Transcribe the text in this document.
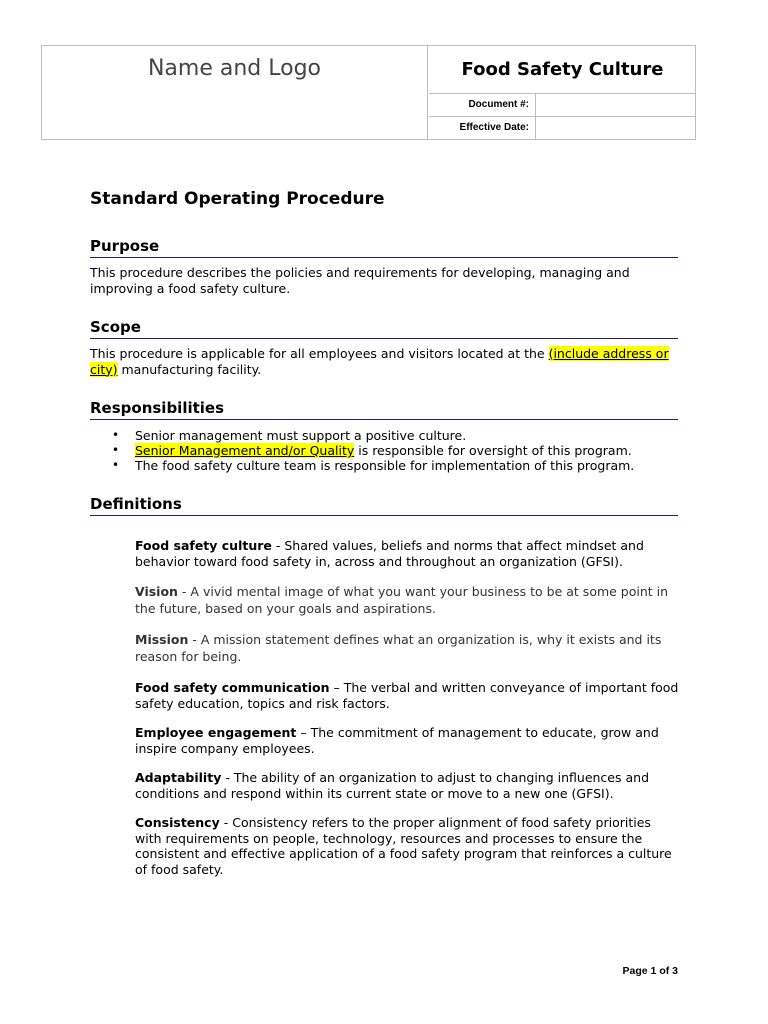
Name and Logo	Food Safety Culture
Document #:
Effective Date:
Standard Operating Procedure
Purpose

This procedure describes the policies and requirements for developing, managing and improving a food safety culture.

Scope

This procedure is applicable for all employees and visitors located at the (include address or city) manufacturing facility.

Responsibilities
• Senior management must support a positive culture.
• Senior Management and/or Quality is responsible for oversight of this program.
• The food safety culture team is responsible for implementation of this program.
Definitions

Food safety culture - Shared values, beliefs and norms that affect mindset and behavior toward food safety in, across and throughout an organization (GFSI).

Vision - A vivid mental image of what you want your business to be at some point in the future, based on your goals and aspirations.

Mission - A mission statement defines what an organization is, why it exists and its reason for being.

Food safety communication – The verbal and written conveyance of important food safety education, topics and risk factors.

Employee engagement – The commitment of management to educate, grow and inspire company employees.

Adaptability - The ability of an organization to adjust to changing influences and conditions and respond within its current state or move to a new one (GFSI).

Consistency - Consistency refers to the proper alignment of food safety priorities with requirements on people, technology, resources and processes to ensure the consistent and effective application of a food safety program that reinforces a culture of food safety.

Page 1 of 3
